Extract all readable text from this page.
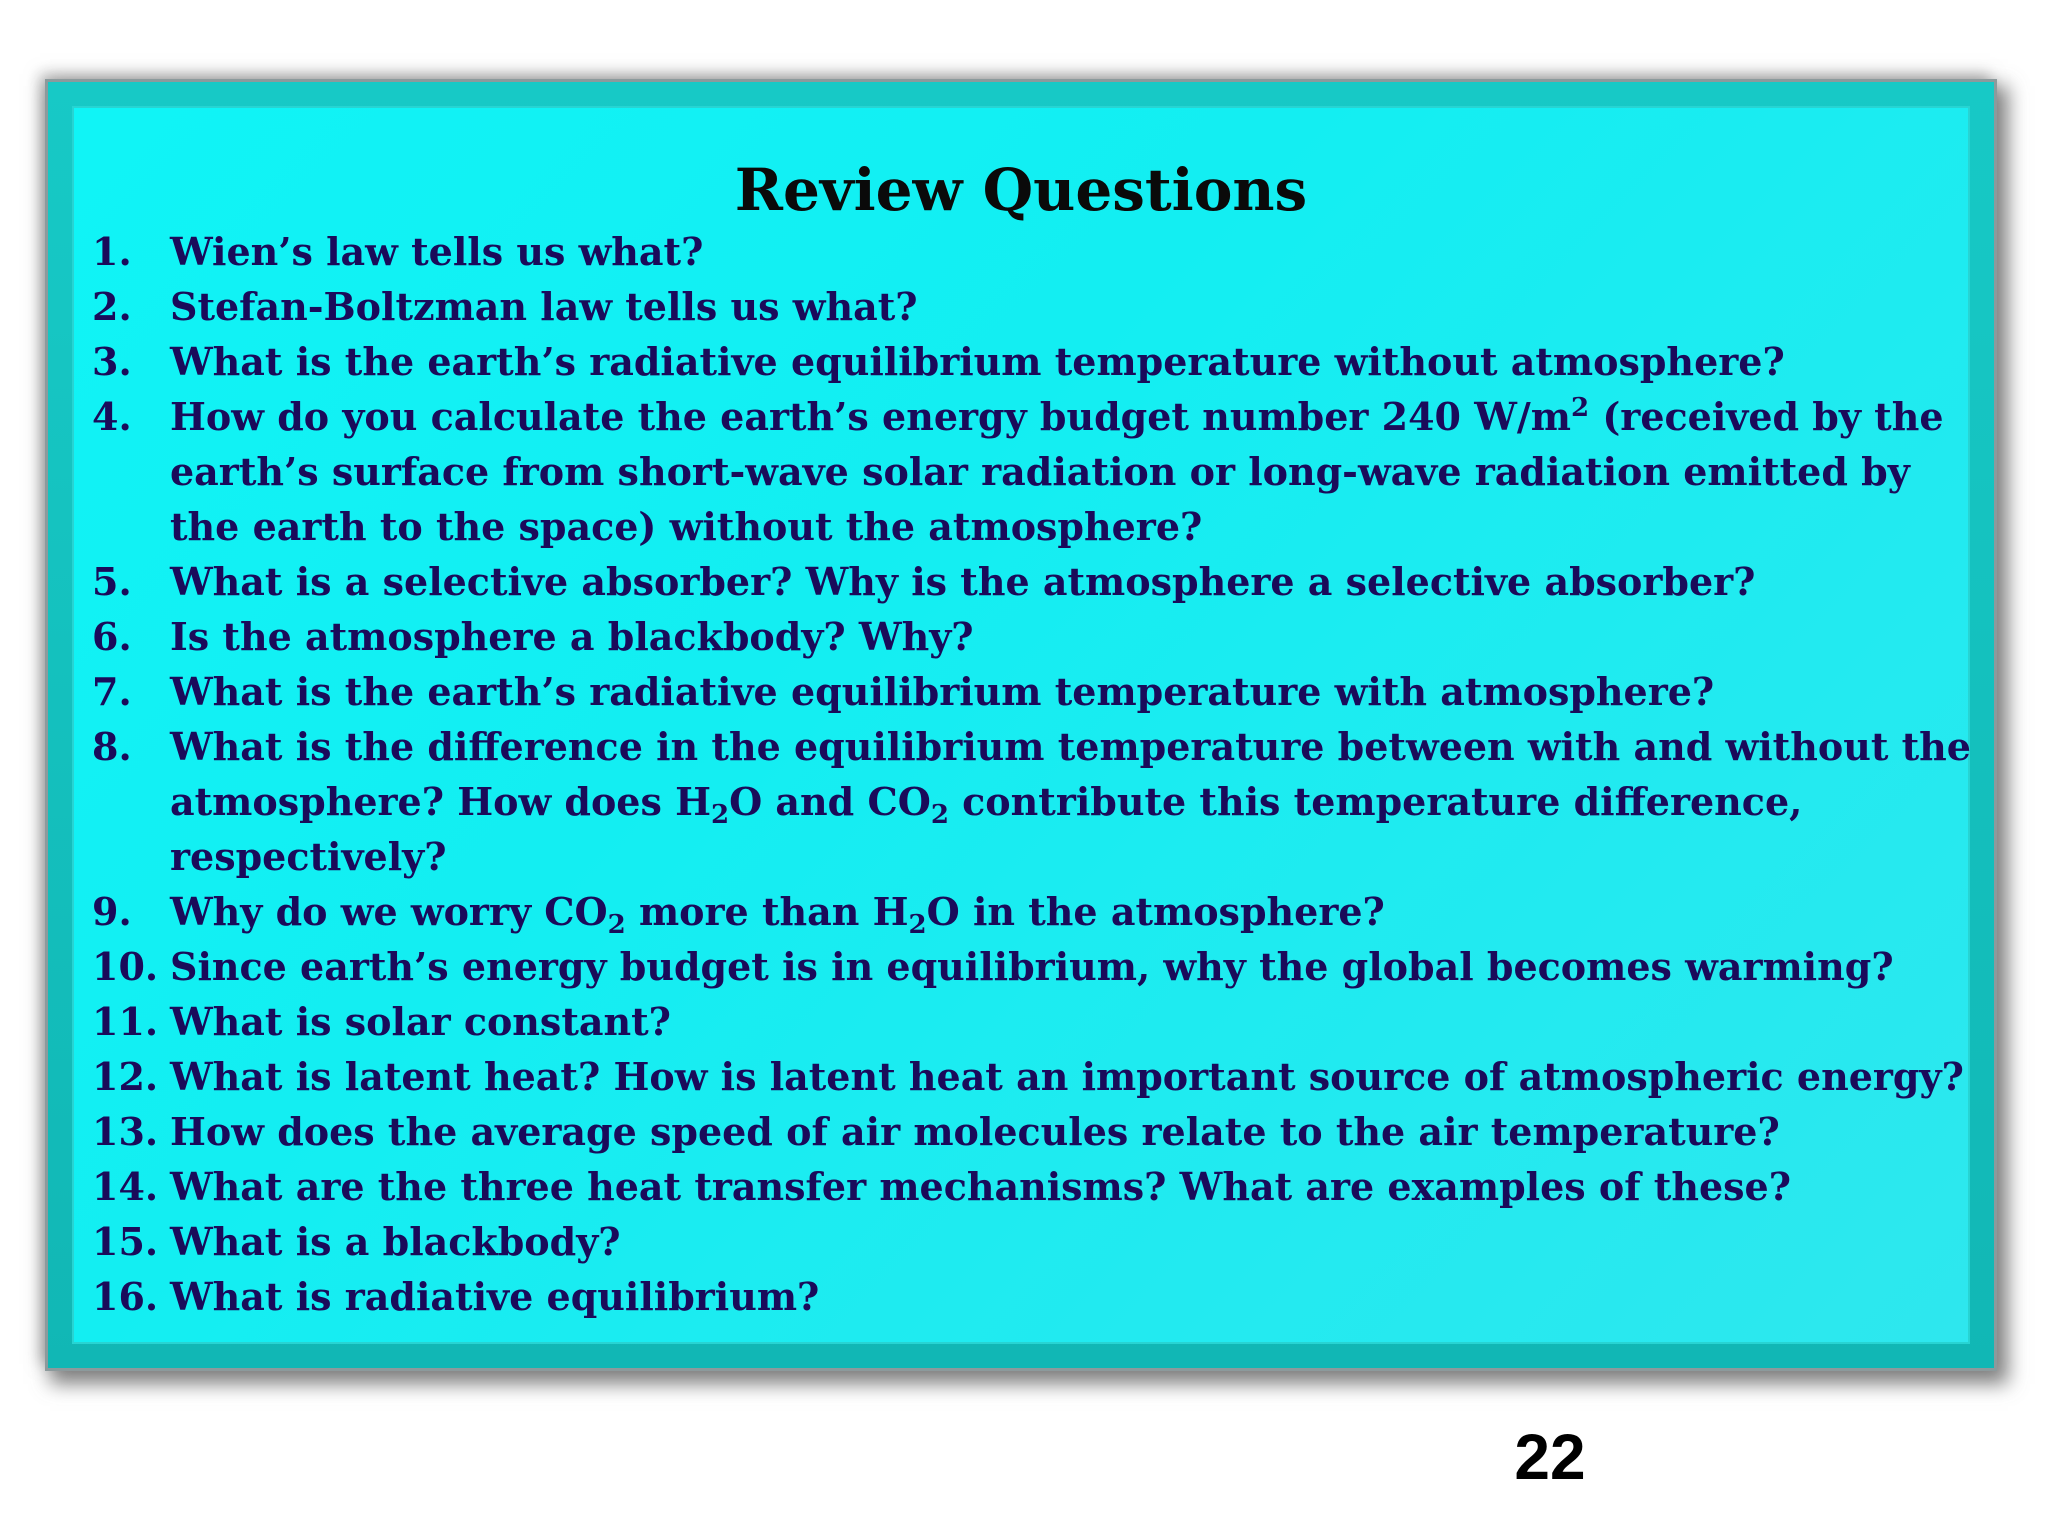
Review Questions
1.	Wien’s law tells us what?
2.	Stefan-Boltzman law tells us what?
3.	What is the earth’s radiative equilibrium temperature without atmosphere?
4.	How do you calculate the earth’s energy budget number 240 $W/m^2$ (received by the earth’s surface from short-wave solar radiation or long-wave radiation emitted by the earth to the space) without the atmosphere?
5.	What is a selective absorber? Why is the atmosphere a selective absorber?
6.	Is the atmosphere a blackbody? Why?
7.	What is the earth’s radiative equilibrium temperature with atmosphere?
8.	What is the difference in the equilibrium temperature between with and without the atmosphere? How does $H_2O$ and $CO_2$ contribute this temperature difference, respectively?
9.	Why do we worry $CO_2$ more than $H_2O$ in the atmosphere?
10. Since earth’s energy budget is in equilibrium, why the global becomes warming?
11. What is solar constant?
12. What is latent heat? How is latent heat an important source of atmospheric energy?
13. How does the average speed of air molecules relate to the air temperature?
14. What are the three heat transfer mechanisms? What are examples of these?
15. What is a blackbody?
16. What is radiative equilibrium?
22
